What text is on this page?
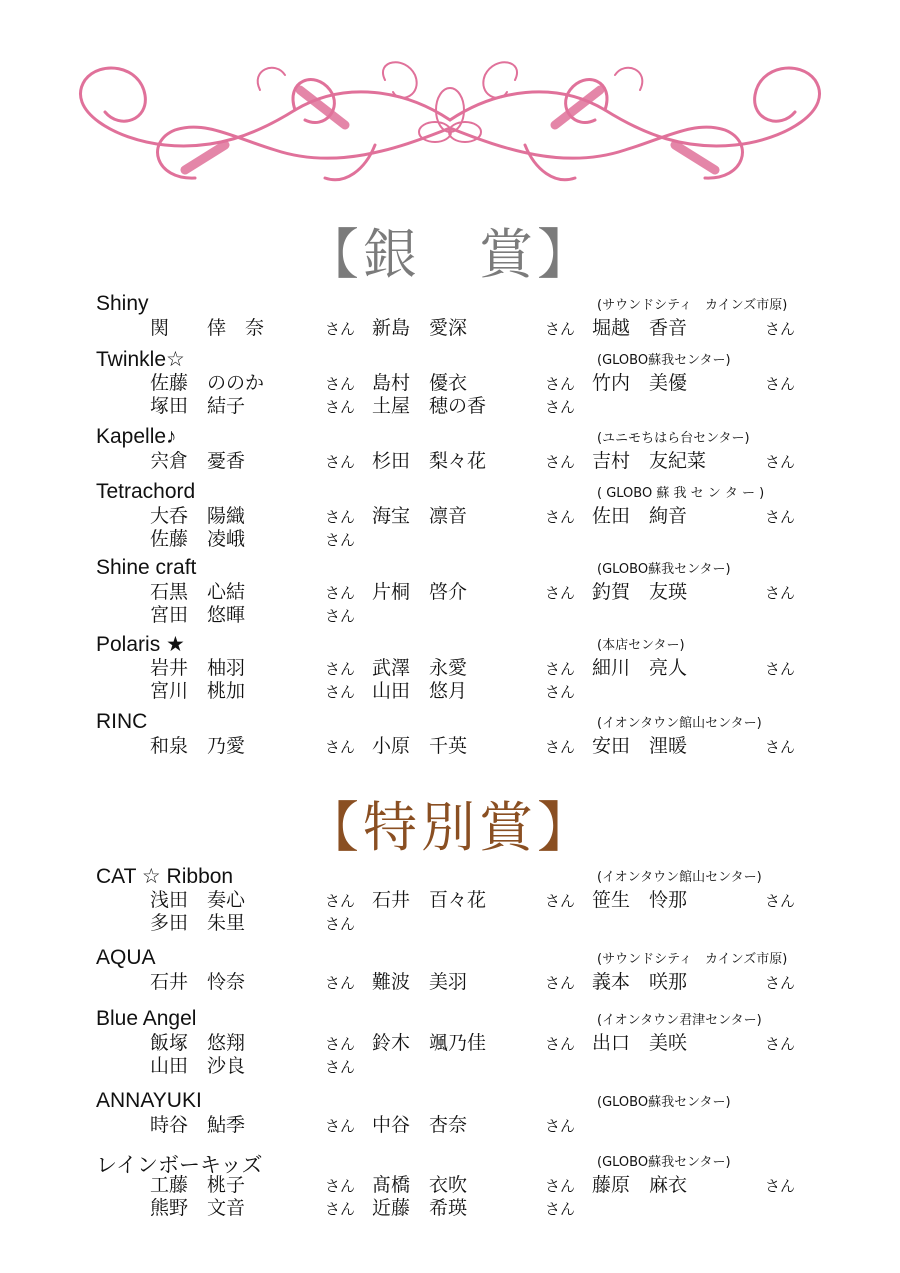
【銀　賞】
Shiny	(サウンドシティ　カインズ市原)
関　　倖　奈	さん 新島　愛深	さん 堀越　香音	さん
Twinkle☆	(GLOBO蘇我センター)
佐藤　ののか	さん 島村　優衣	さん 竹内　美優	さん
塚田　結子	さん 土屋　穂の香	さん
Kapelle♪	(ユニモちはら台センター)
宍倉　憂香	さん 杉田　梨々花	さん 吉村　友紀菜	さん
Tetrachord	( GLOBO 蘇 我 セ ン タ ー )
大呑　陽織	さん 海宝　凛音	さん 佐田　絢音	さん
佐藤　凌峨	さん
Shine craft	(GLOBO蘇我センター)
石黒　心結	さん 片桐　啓介	さん 釣賀　友瑛	さん
宮田　悠暉	さん
Polaris ★	(本店センター)
岩井　柚羽	さん 武澤　永愛	さん 細川　亮人	さん
宮川　桃加	さん 山田　悠月	さん
RINC	(イオンタウン館山センター)
和泉　乃愛	さん 小原　千英	さん 安田　浬暖	さん
【特別賞】
CAT ☆ Ribbon	(イオンタウン館山センター)
浅田　奏心	さん 石井　百々花	さん 笹生　怜那	さん
多田　朱里	さん
AQUA	(サウンドシティ　カインズ市原)
石井　怜奈	さん 難波　美羽	さん 義本　咲那	さん
Blue Angel	(イオンタウン君津センター)
飯塚　悠翔	さん 鈴木　颯乃佳	さん 出口　美咲	さん
山田　沙良	さん
ANNAYUKI	(GLOBO蘇我センター)
時谷　鮎季	さん 中谷　杏奈	さん
レインボーキッズ	(GLOBO蘇我センター)
工藤　桃子	さん 髙橋　衣吹	さん 藤原　麻衣	さん
熊野　文音	さん 近藤　希瑛	さん
